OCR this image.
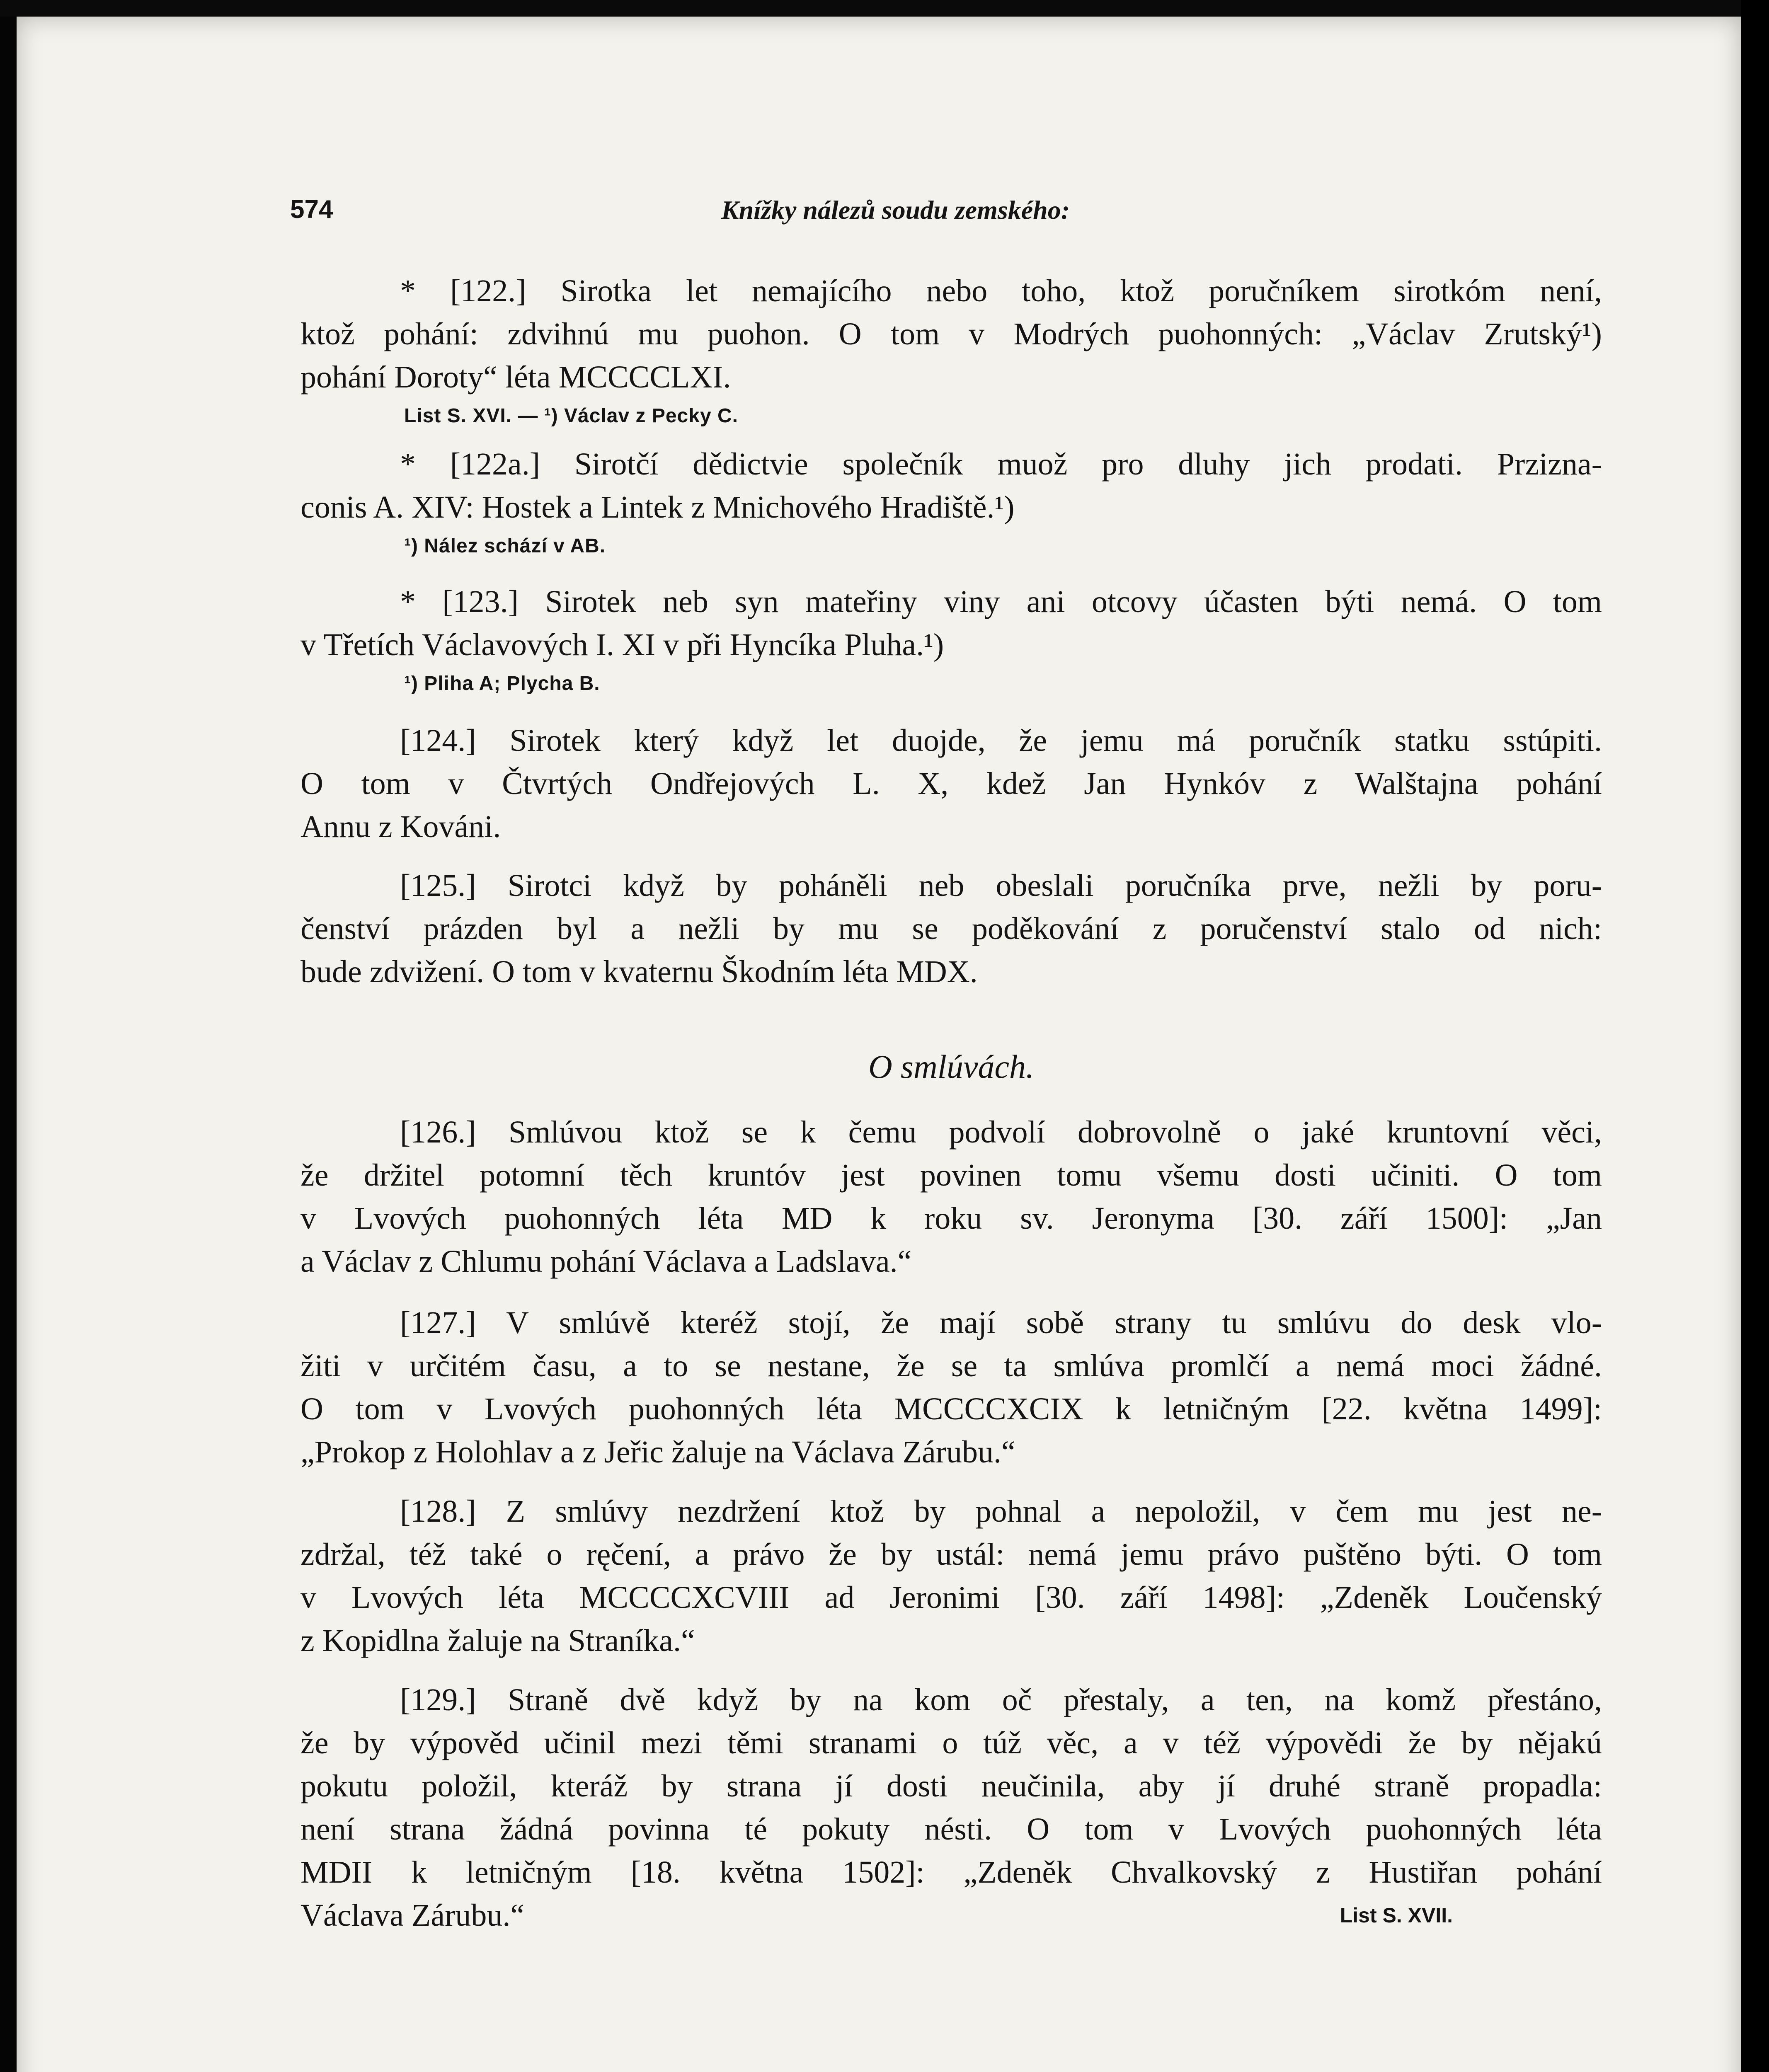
574	Knížky nálezů soudu zemského:
* [122.] Sirotka let nemajícího nebo toho, ktož poručníkem sirotkóm není,
ktož pohání: zdvihnú mu puohon. O tom v Modrých puohonných: „Václav Zrutský¹)
pohání Doroty“ léta MCCCCLXI.
List S. XVI. — ¹) Václav z Pecky C.
* [122a.] Sirotčí dědictvie společník muož pro dluhy jich prodati. Przizna-
conis A. XIV: Hostek a Lintek z Mnichového Hradiště.¹)
¹) Nález schází v AB.
* [123.] Sirotek neb syn mateřiny viny ani otcovy účasten býti nemá. O tom
v Třetích Václavových I. XI v při Hyncíka Pluha.¹)
¹) Pliha A; Plycha B.
[124.] Sirotek který když let duojde, že jemu má poručník statku sstúpiti.
O tom v Čtvrtých Ondřejových L. X, kdež Jan Hynkóv z Walštajna pohání
Annu z Kováni.
[125.] Sirotci když by poháněli neb obeslali poručníka prve, nežli by poru-
čenství prázden byl a nežli by mu se poděkování z poručenství stalo od nich:
bude zdvižení. O tom v kvaternu Škodním léta MDX.
O smlúvách.
[126.] Smlúvou ktož se k čemu podvolí dobrovolně o jaké kruntovní věci,
že držitel potomní těch kruntóv jest povinen tomu všemu dosti učiniti. O tom
v Lvových puohonných léta MD k roku sv. Jeronyma [30. září 1500]: „Jan
a Václav z Chlumu pohání Václava a Ladslava.“
[127.] V smlúvě kteréž stojí, že mají sobě strany tu smlúvu do desk vlo-
žiti v určitém času, a to se nestane, že se ta smlúva promlčí a nemá moci žádné.
O tom v Lvových puohonných léta MCCCCXCIX k letničným [22. května 1499]:
„Prokop z Holohlav a z Jeřic žaluje na Václava Zárubu.“
[128.] Z smlúvy nezdržení ktož by pohnal a nepoložil, v čem mu jest ne-
zdržal, též také o ręčení, a právo že by ustál: nemá jemu právo puštěno býti. O tom
v Lvových léta MCCCCXCVIII ad Jeronimi [30. září 1498]: „Zdeněk Loučenský
z Kopidlna žaluje na Straníka.“
[129.] Straně dvě když by na kom oč přestaly, a ten, na komž přestáno,
že by výpověd učinil mezi těmi stranami o túž věc, a v též výpovědi že by nějakú
pokutu položil, kteráž by strana jí dosti neučinila, aby jí druhé straně propadla:
není strana žádná povinna té pokuty nésti. O tom v Lvových puohonných léta
MDII k letničným [18. května 1502]: „Zdeněk Chvalkovský z Hustiřan pohání
Václava Zárubu.“	List S. XVII.
